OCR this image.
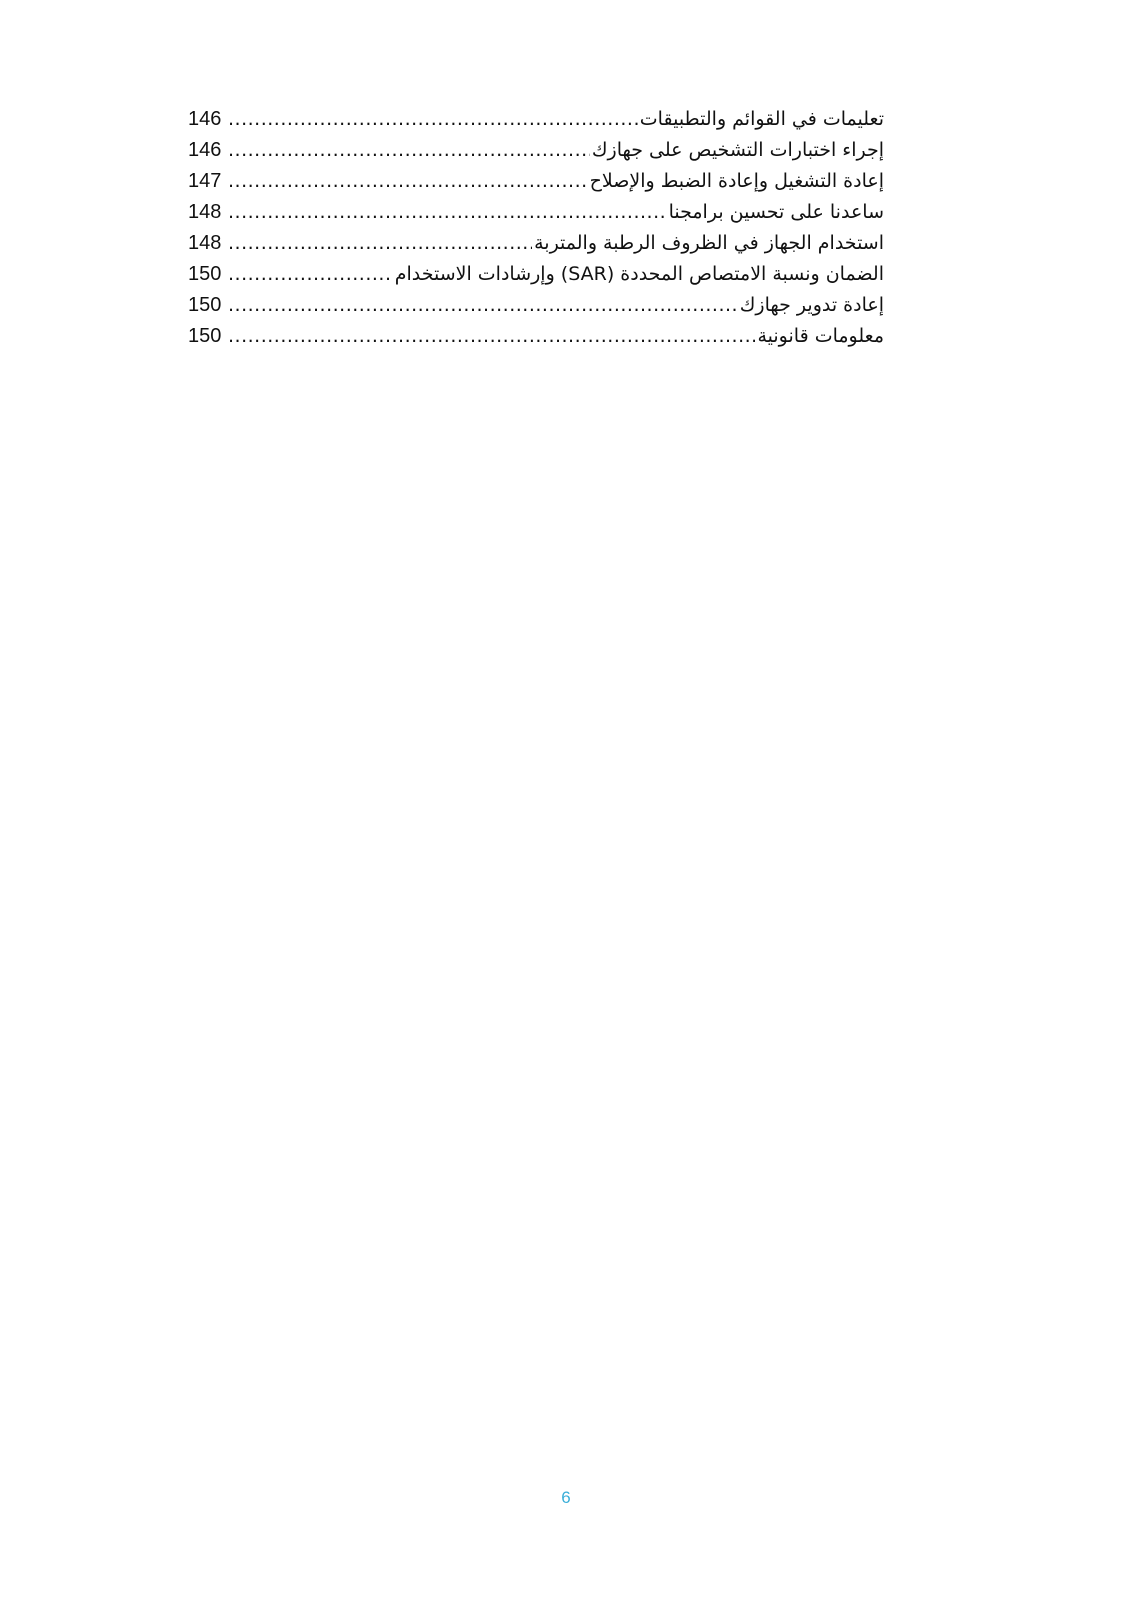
تعليمات في القوائم والتطبيقات
.....
146
إجراء اختبارات التشخيص على جهازك
.....
146
إعادة التشغيل وإعادة الضبط والإصلاح
.....
147
ساعدنا على تحسين برامجنا
.....
148
استخدام الجهاز في الظروف الرطبة والمتربة
.....
148
الضمان ونسبة الامتصاص المحددة (SAR) وإرشادات الاستخدام
.....
150
إعادة تدوير جهازك
.....
150
معلومات قانونية
.....
150
6
